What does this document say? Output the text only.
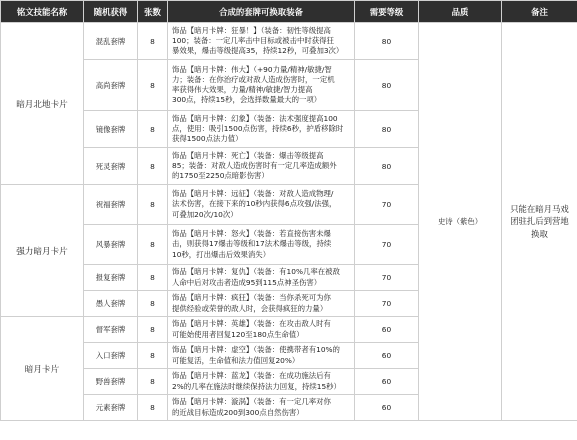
铭文技能名称	随机获得	张数	合成的套牌可换取装备	需要等级	品质	备注
暗月北地卡片	混乱套牌	8	饰品【暗月卡牌：狂暴！】（装备：韧性等级提高
100；装备：一定几率击中目标或被击中时获得狂
暴效果，爆击等级提高35，持续12秒，可叠加3次）	80	史诗（紫色）	只能在暗月马戏团驻扎后到营地换取
	高尚套牌	8	饰品【暗月卡牌：伟大】（+90力量/精神/敏捷/智
力；装备：在你治疗或对敌人造成伤害时，一定机
率获得伟大效果，力量/精神/敏捷/智力提高
300点，持续15秒，会选择数量最大的一项）	80		
	镜像套牌	8	饰品【暗月卡牌：幻象】（装备：法术强度提高100
点，使用：吸引1500点伤害，持续6秒，护盾移除时
获得1500点法力值）	80		
	死灵套牌	8	饰品【暗月卡牌：死亡】（装备：爆击等级提高
85；装备：对敌人造成伤害时有一定几率造成额外
的1750至2250点暗影伤害）	80		
强力暗月卡片	祝福套牌	8	饰品【暗月卡牌：远征】（装备：对敌人造成物理/
法术伤害，在接下来的10秒内获得6点攻强/法强，
可叠加20次/10次）	70		
	风暴套牌	8	饰品【暗月卡牌：怒火】（装备：若直接伤害未爆
击，则获得17爆击等级和17法术爆击等级，持续
10秒，打出爆击后效果消失）	70		
	报复套牌	8	饰品【暗月卡牌：复仇】（装备：有10%几率在被敌
人命中后对攻击者造成95到115点神圣伤害）	70		
	愚人套牌	8	饰品【暗月卡牌：疯狂】（装备：当你杀死可为你
提供经验或荣誉的敌人时，会获得疯狂的力量）	70		
暗月卡片	督军套牌	8	饰品【暗月卡牌：英雄】（装备：在攻击敌人时有
可能始使用者回复120至180点生命值）	60		
	入口套牌	8	饰品【暗月卡牌：虚空】（装备：使携带者有10%的
可能复活，生命值和法力值回复20%）	60		
	野兽套牌	8	饰品【暗月卡牌：蓝龙】（装备：在成功施法后有
2%的几率在施法时继续保持法力回复，持续15秒）	60		
	元素套牌	8	饰品【暗月卡牌：漩涡】（装备：有一定几率对你
的近战目标造成200到300点自然伤害）	60		
